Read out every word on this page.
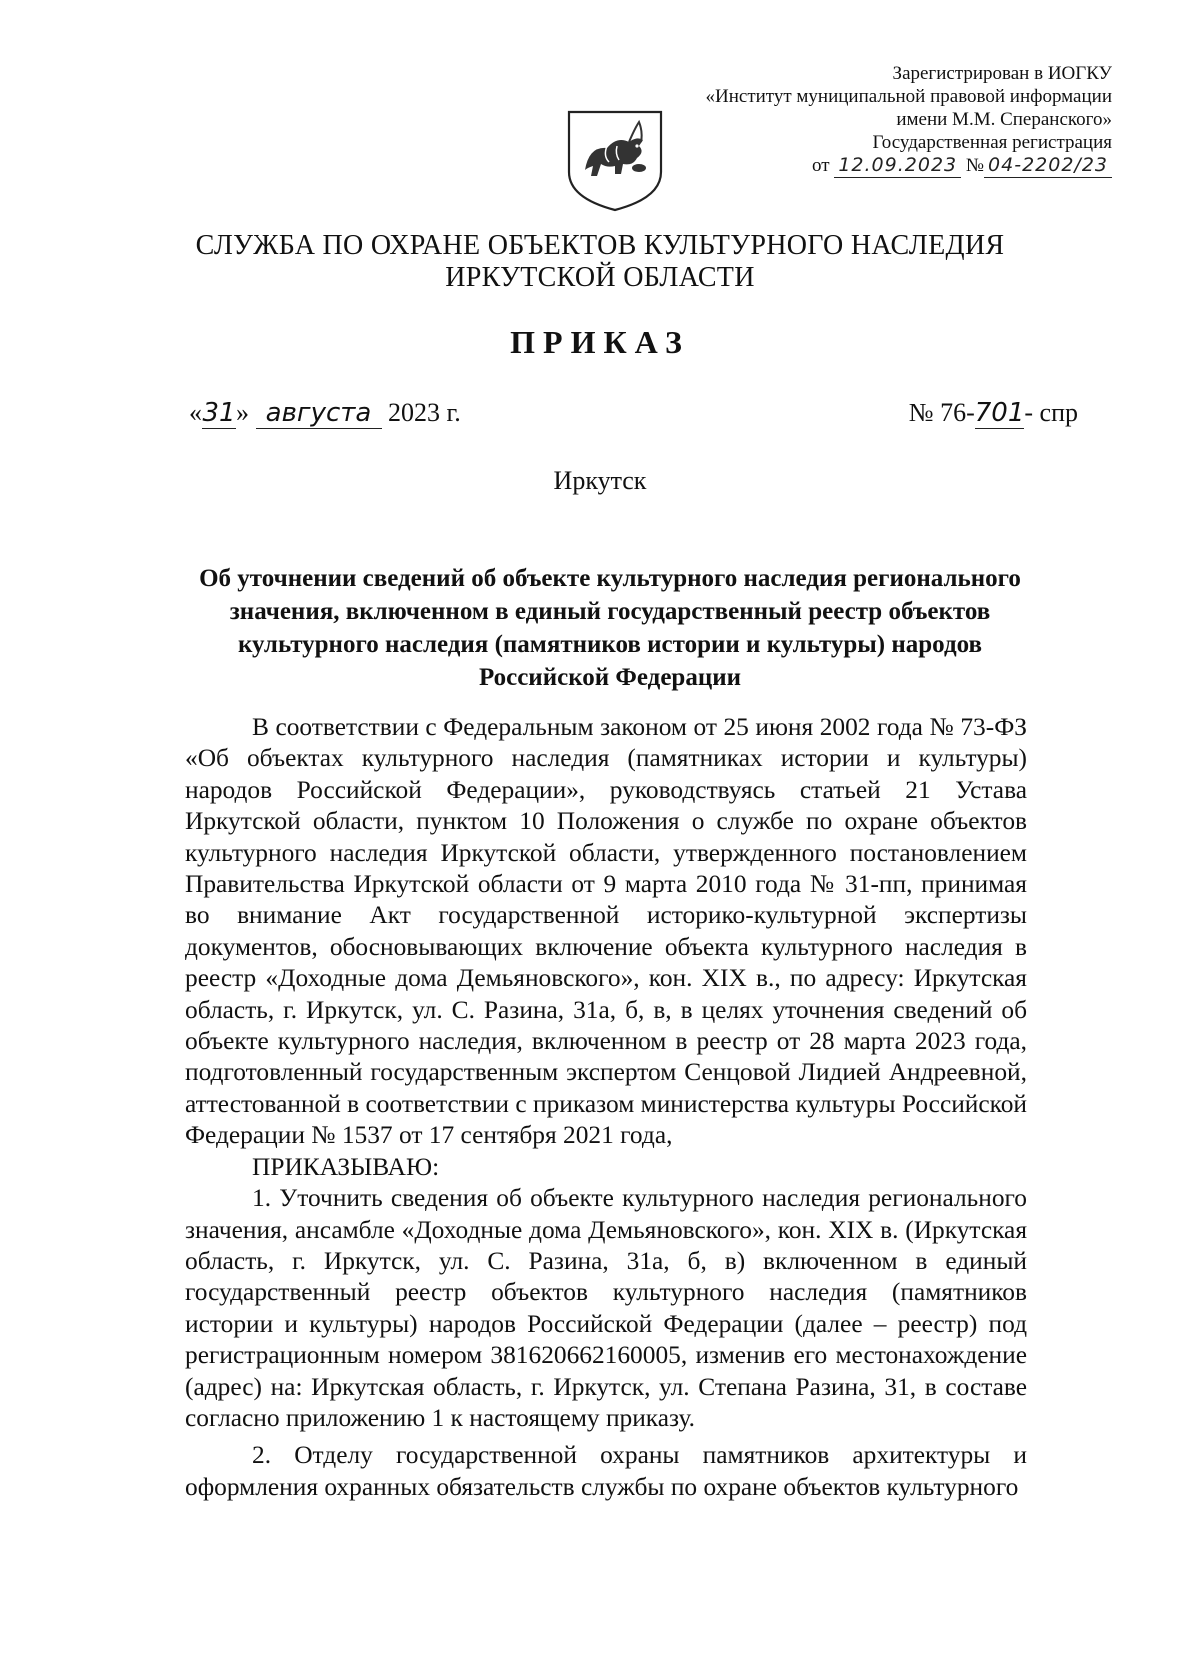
Зарегистрирован в ИОГКУ
«Институт муниципальной правовой информации
имени М.М. Сперанского»
Государственная регистрация
от 12.09.2023 № 04-2202/23
СЛУЖБА ПО ОХРАНЕ ОБЪЕКТОВ КУЛЬТУРНОГО НАСЛЕДИЯ
ИРКУТСКОЙ ОБЛАСТИ
ПРИКАЗ
«31» августа 2023 г.	№ 76-701- спр
Иркутск
Об уточнении сведений об объекте культурного наследия регионального значения, включенном в единый государственный реестр объектов культурного наследия (памятников истории и культуры) народов Российской Федерации

В соответствии с Федеральным законом от 25 июня 2002 года № 73-ФЗ «Об объектах культурного наследия (памятниках истории и культуры) народов Российской Федерации», руководствуясь статьей 21 Устава Иркутской области, пунктом 10 Положения о службе по охране объектов культурного наследия Иркутской области, утвержденного постановлением Правительства Иркутской области от 9 марта 2010 года № 31-пп, принимая во внимание Акт государственной историко-культурной экспертизы документов, обосновывающих включение объекта культурного наследия в реестр «Доходные дома Демьяновского», кон. XIX в., по адресу: Иркутская область, г. Иркутск, ул. С. Разина, 31а, б, в, в целях уточнения сведений об объекте культурного наследия, включенном в реестр от 28 марта 2023 года, подготовленный государственным экспертом Сенцовой Лидией Андреевной, аттестованной в соответствии с приказом министерства культуры Российской Федерации № 1537 от 17 сентября 2021 года,

ПРИКАЗЫВАЮ:

1. Уточнить сведения об объекте культурного наследия регионального значения, ансамбле «Доходные дома Демьяновского», кон. XIX в. (Иркутская область, г. Иркутск, ул. С. Разина, 31а, б, в) включенном в единый государственный реестр объектов культурного наследия (памятников истории и культуры) народов Российской Федерации (далее – реестр) под регистрационным номером 381620662160005, изменив его местонахождение (адрес) на: Иркутская область, г. Иркутск, ул. Степана Разина, 31, в составе согласно приложению 1 к настоящему приказу.

2. Отделу государственной охраны памятников архитектуры и оформления охранных обязательств службы по охране объектов культурного
